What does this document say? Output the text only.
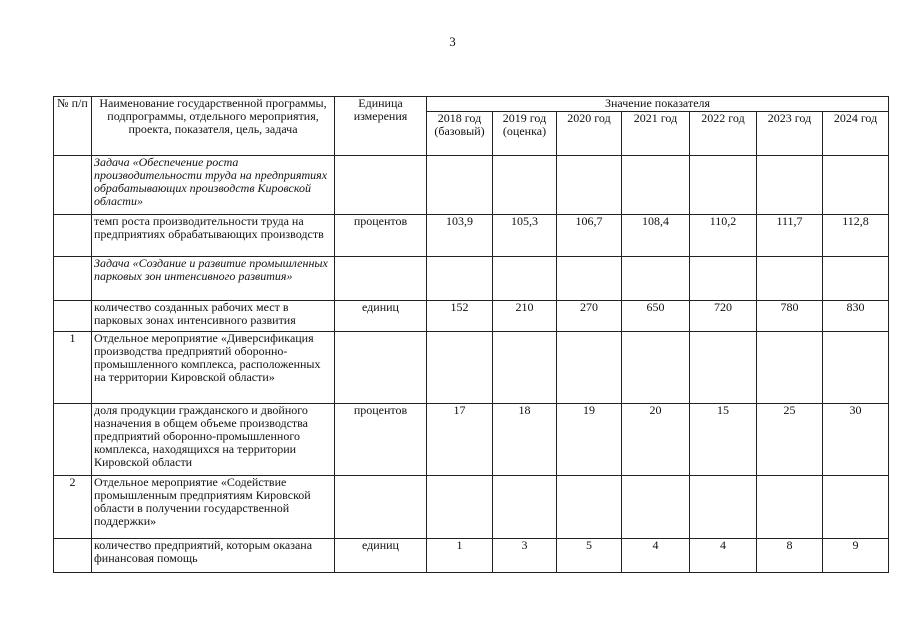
3
№ п/п	Наименование государственной программы, подпрограммы, отдельного мероприятия, проекта, показателя, цель, задача	Единица измерения	Значение показателя						
			2018 год (базовый)	2019 год (оценка)	2020 год	2021 год	2022 год	2023 год	2024 год
	Задача «Обеспечение роста производительности труда на предприятиях обрабатывающих производств Кировской области»								
	темп роста производительности труда на предприятиях обрабатывающих производств	процентов	103,9	105,3	106,7	108,4	110,2	111,7	112,8
	Задача «Создание и развитие промышленных парковых зон интенсивного развития»								
	количество созданных рабочих мест в парковых зонах интенсивного развития	единиц	152	210	270	650	720	780	830
1	Отдельное мероприятие «Диверсификация производства предприятий оборонно-промышленного комплекса, расположенных на территории Кировской области»								
	доля продукции гражданского и двойного назначения в общем объеме производства предприятий оборонно-промышленного комплекса, находящихся на территории Кировской области	процентов	17	18	19	20	15	25	30
2	Отдельное мероприятие «Содействие промышленным предприятиям Кировской области в получении государственной поддержки»								
	количество предприятий, которым оказана финансовая помощь	единиц	1	3	5	4	4	8	9
